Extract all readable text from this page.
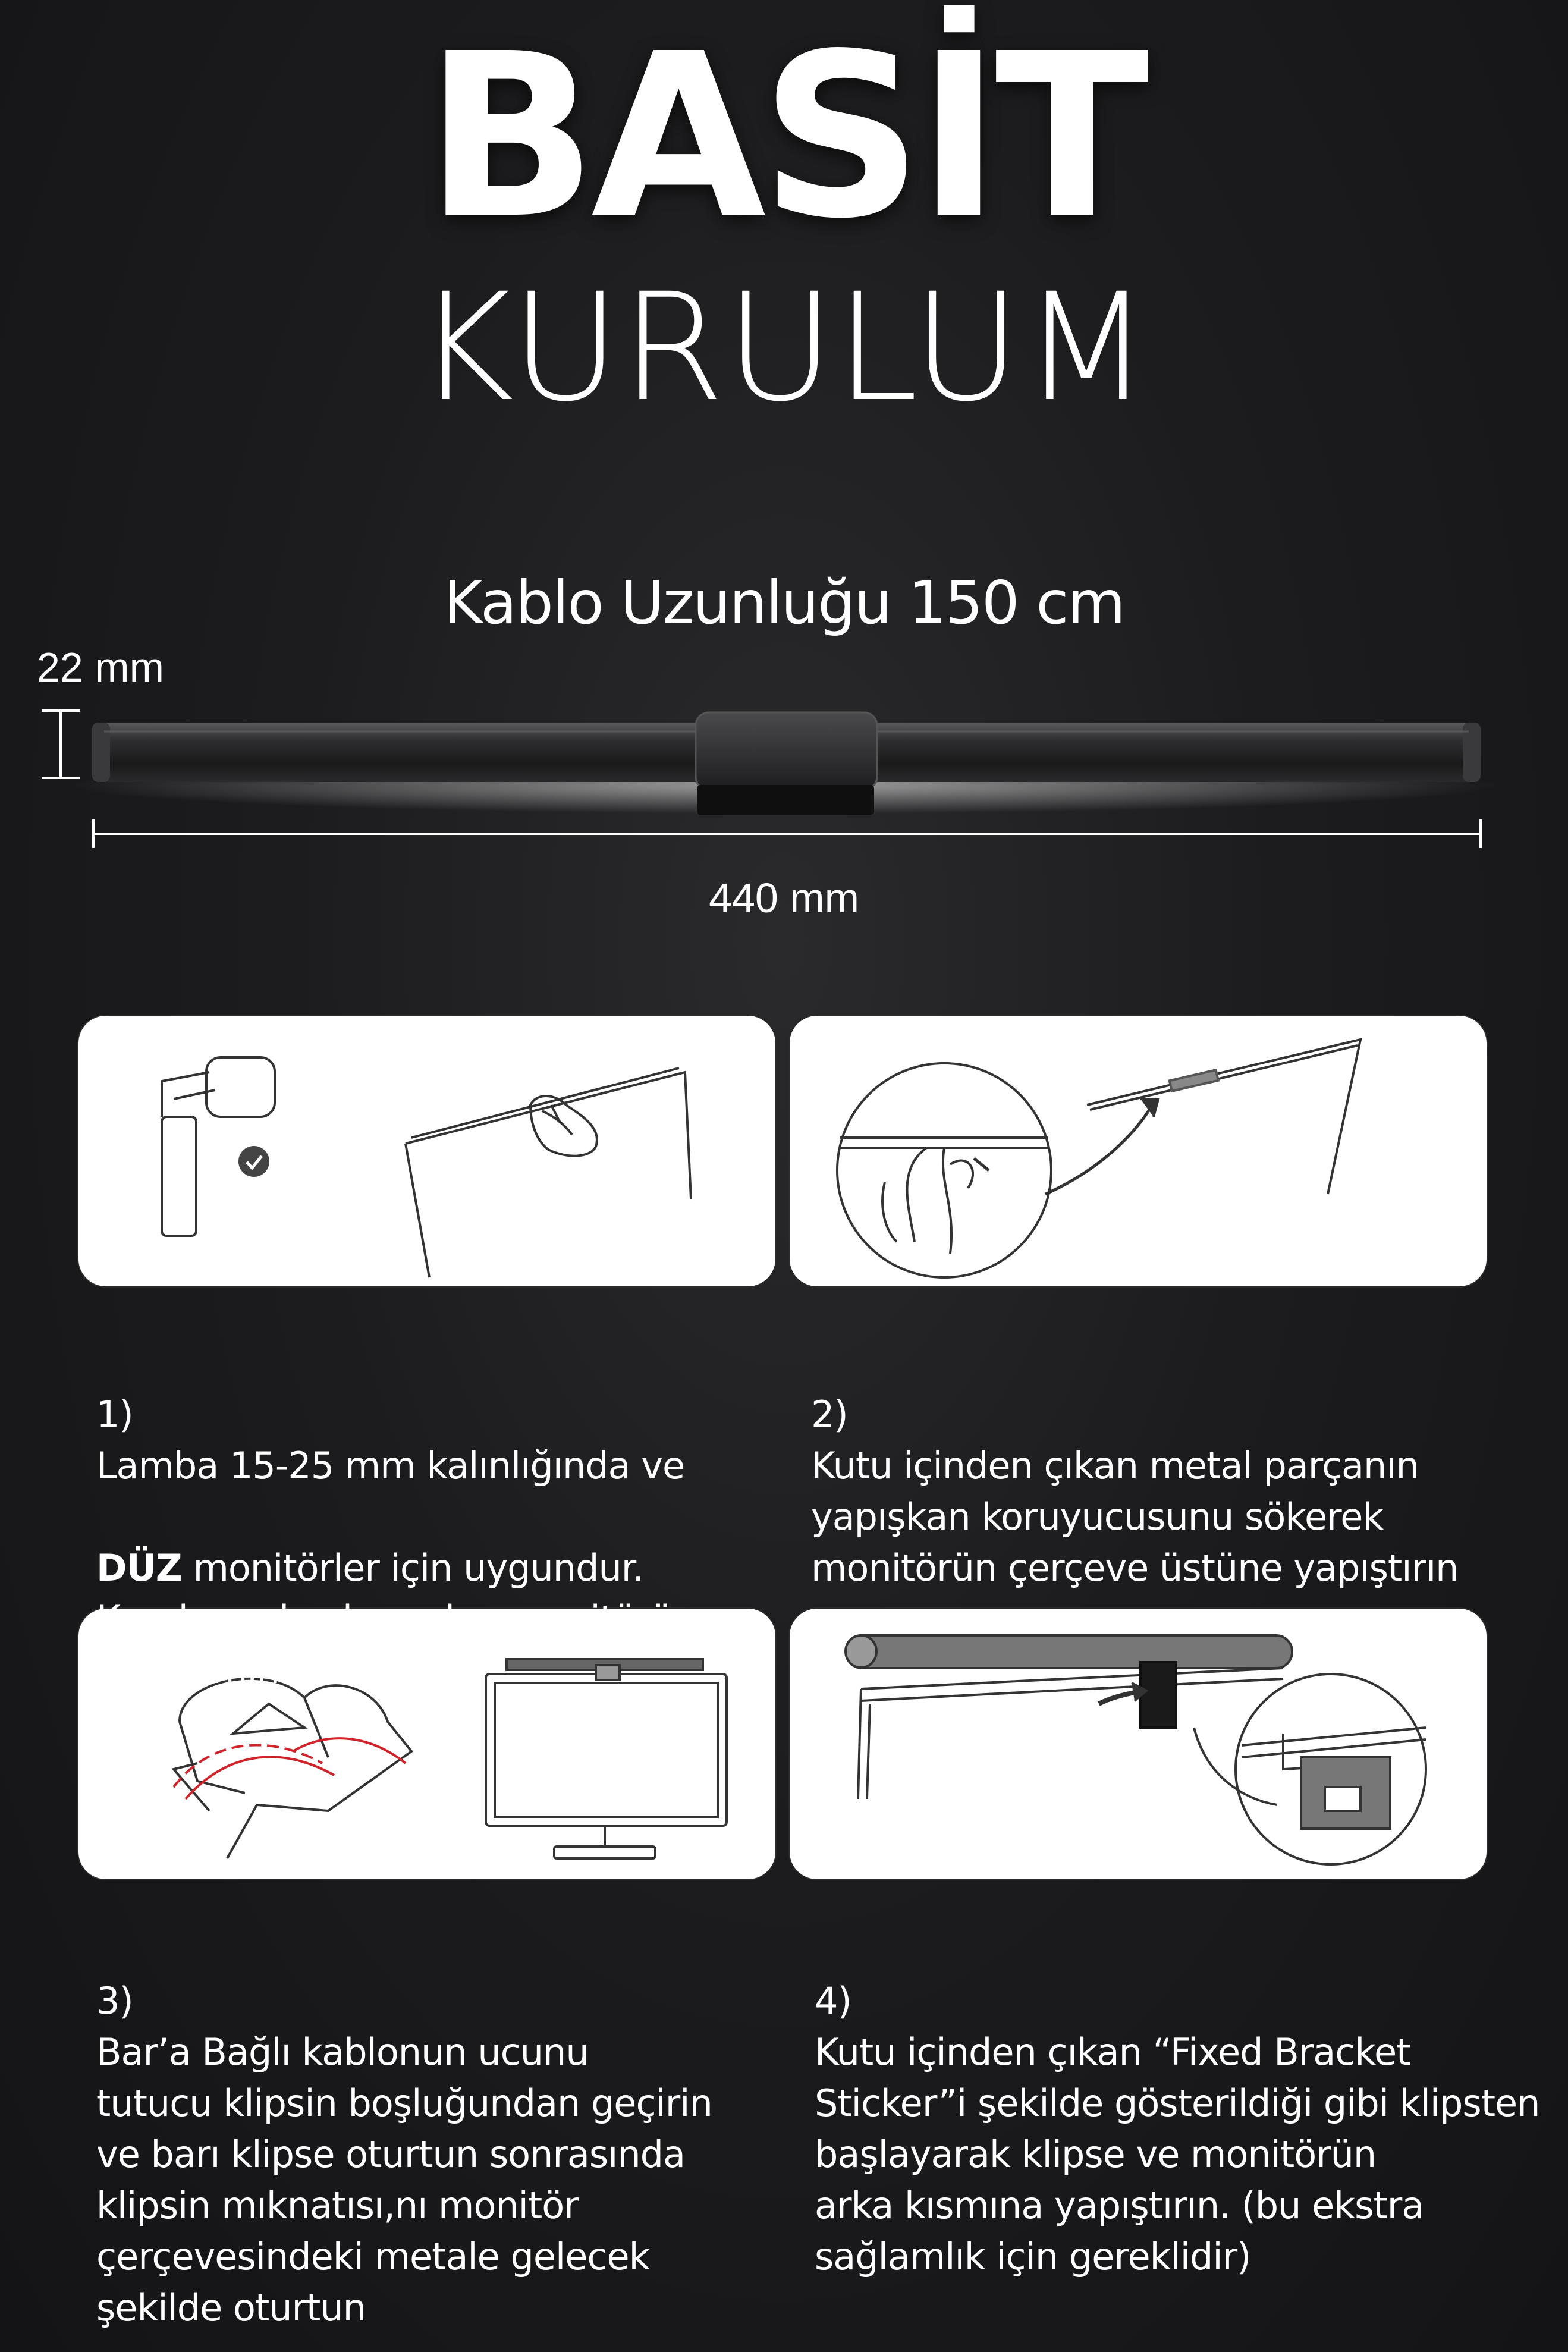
BASİT
KURULUM
Kablo Uzunluğu 150 cm
22 mm
440 mm

1)
Lamba 15-25 mm kalınlığında ve

DÜZ monitörler için uygundur.
Kuruluma başlamadan monitörün
üst kısmını temizleyin

2)
Kutu içinden çıkan metal parçanın
yapışkan koruyucusunu sökerek
monitörün çerçeve üstüne yapıştırın

3)
Bar’a Bağlı kablonun ucunu
tutucu klipsin boşluğundan geçirin
ve barı klipse oturtun sonrasında
klipsin mıknatısı,nı monitör
çerçevesindeki metale gelecek
şekilde oturtun

4)
Kutu içinden çıkan “Fixed Bracket
Sticker”i şekilde gösterildiği gibi klipsten
başlayarak klipse ve monitörün
arka kısmına yapıştırın. (bu ekstra
sağlamlık için gereklidir)
